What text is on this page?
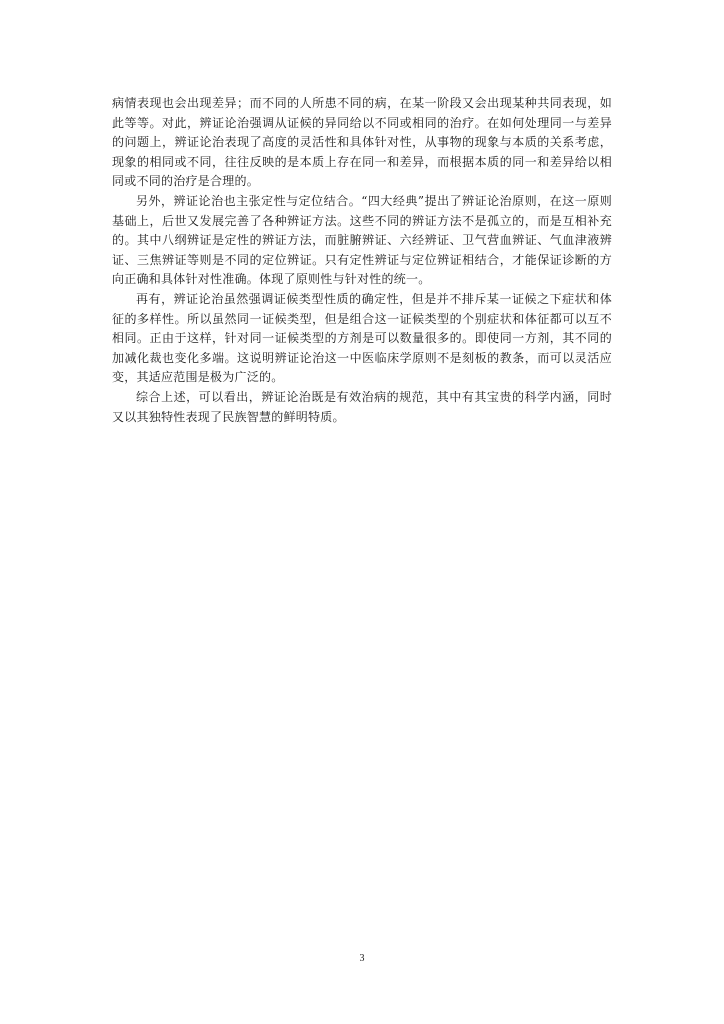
病情表现也会出现差异；而不同的人所患不同的病，在某一阶段又会出现某种共同表现，如此等等。对此，辨证论治强调从证候的异同给以不同或相同的治疗。在如何处理同一与差异的问题上，辨证论治表现了高度的灵活性和具体针对性，从事物的现象与本质的关系考虑，现象的相同或不同，往往反映的是本质上存在同一和差异，而根据本质的同一和差异给以相同或不同的治疗是合理的。

另外，辨证论治也主张定性与定位结合。“四大经典”提出了辨证论治原则，在这一原则基础上，后世又发展完善了各种辨证方法。这些不同的辨证方法不是孤立的，而是互相补充的。其中八纲辨证是定性的辨证方法，而脏腑辨证、六经辨证、卫气营血辨证、气血津液辨证、三焦辨证等则是不同的定位辨证。只有定性辨证与定位辨证相结合，才能保证诊断的方向正确和具体针对性准确。体现了原则性与针对性的统一。

再有，辨证论治虽然强调证候类型性质的确定性，但是并不排斥某一证候之下症状和体征的多样性。所以虽然同一证候类型，但是组合这一证候类型的个别症状和体征都可以互不相同。正由于这样，针对同一证候类型的方剂是可以数量很多的。即使同一方剂，其不同的加减化裁也变化多端。这说明辨证论治这一中医临床学原则不是刻板的教条，而可以灵活应变，其适应范围是极为广泛的。

综合上述，可以看出，辨证论治既是有效治病的规范，其中有其宝贵的科学内涵，同时又以其独特性表现了民族智慧的鲜明特质。

3
